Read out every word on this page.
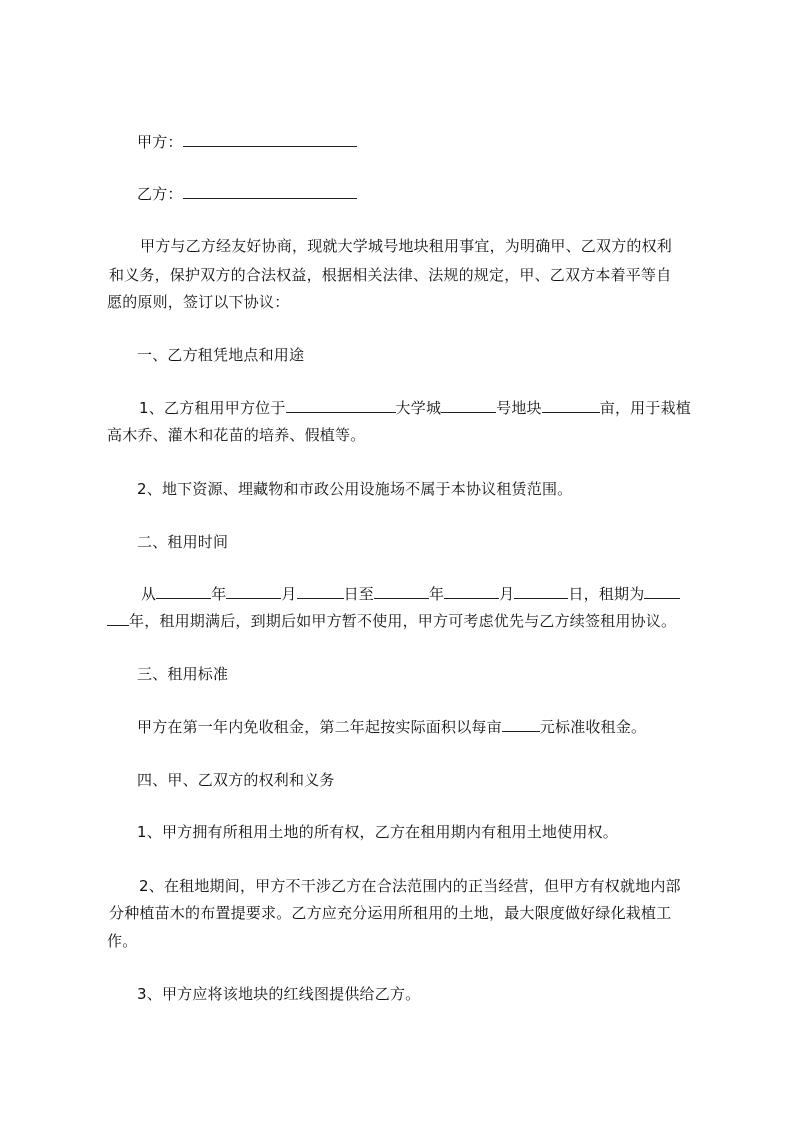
甲方：
乙方：
甲方与乙方经友好协商，现就大学城号地块租用事宜，为明确甲、乙双方的权利
和义务，保护双方的合法权益，根据相关法律、法规的规定，甲、乙双方本着平等自
愿的原则，签订以下协议：
一、乙方租凭地点和用途
1、乙方租用甲方位于	大学城	号地块	亩，用于栽植
高木乔、灌木和花苗的培养、假植等。
2、地下资源、埋藏物和市政公用设施场不属于本协议租赁范围。
二、租用时间
从	年	月	日至	年	月	日，租期为
年，租用期满后，到期后如甲方暂不使用，甲方可考虑优先与乙方续签租用协议。
三、租用标准
甲方在第一年内免收租金，第二年起按实际面积以每亩	元标准收租金。
四、甲、乙双方的权利和义务
1、甲方拥有所租用土地的所有权，乙方在租用期内有租用土地使用权。
2、在租地期间，甲方不干涉乙方在合法范围内的正当经营，但甲方有权就地内部
分种植苗木的布置提要求。乙方应充分运用所租用的土地，最大限度做好绿化栽植工
作。
3、甲方应将该地块的红线图提供给乙方。
